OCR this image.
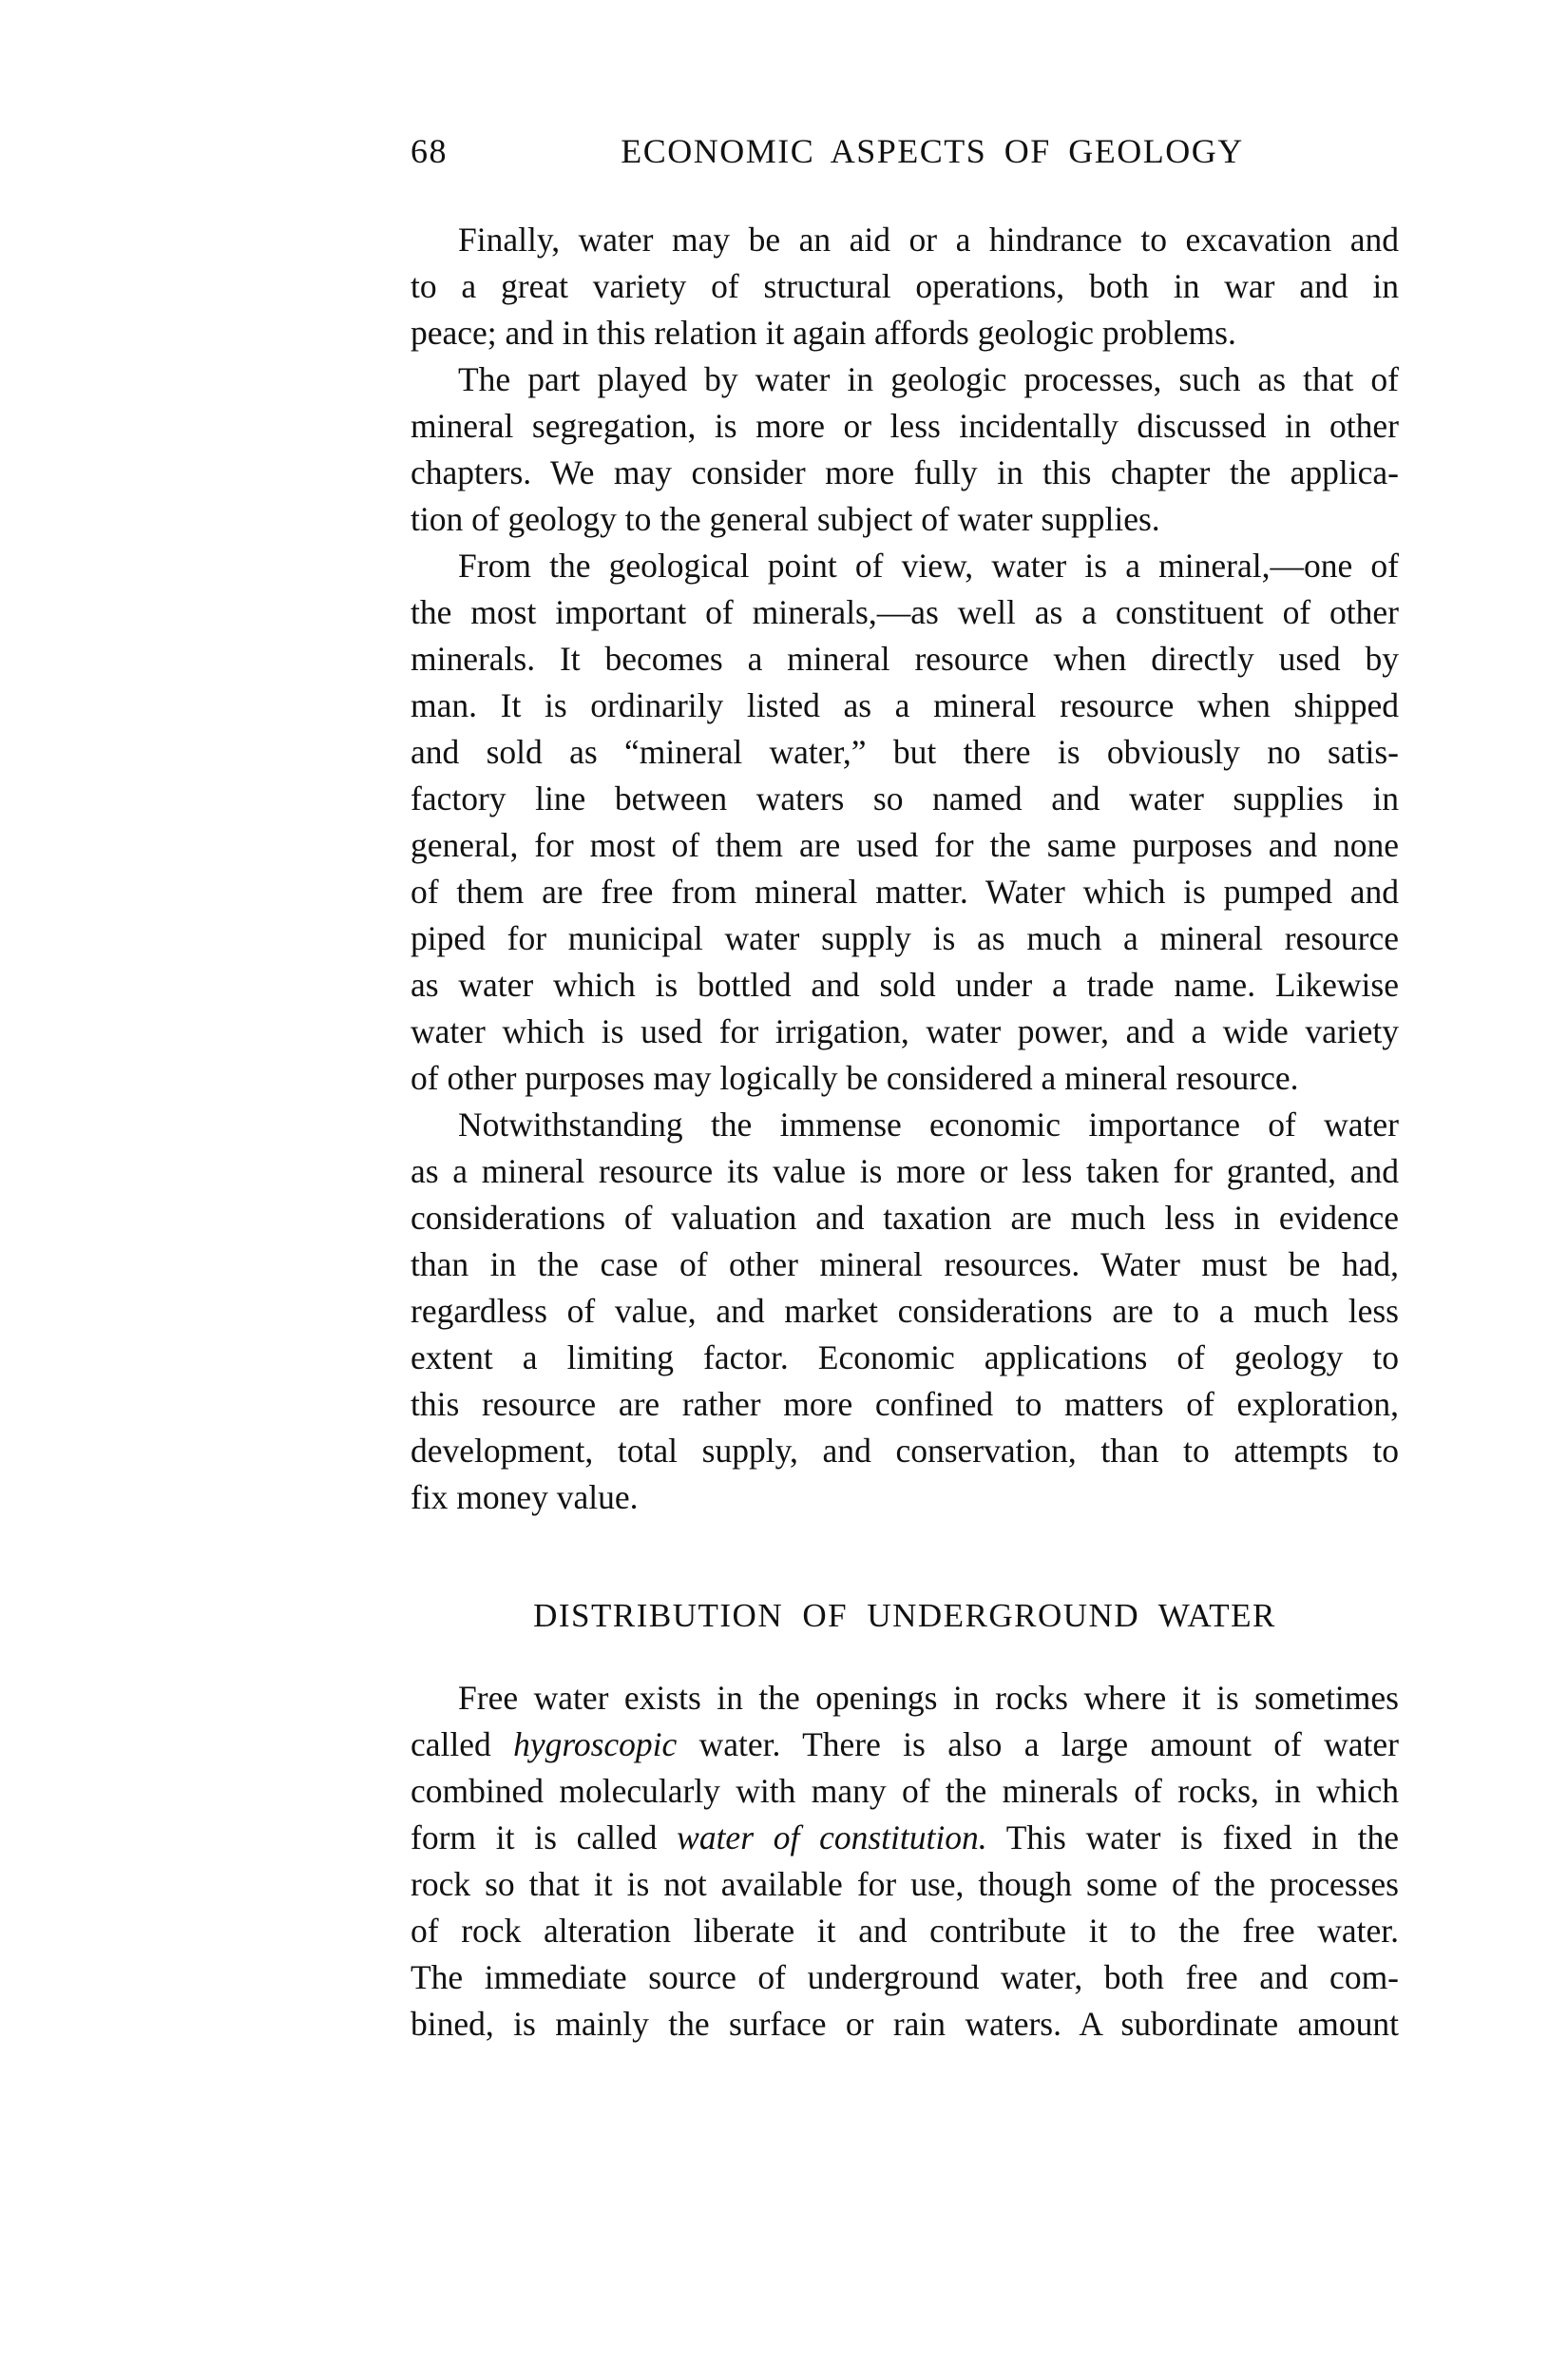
68	ECONOMIC ASPECTS OF GEOLOGY
Finally, water may be an aid or a hindrance to excavation and
to a great variety of structural operations, both in war and in
peace; and in this relation it again affords geologic problems.
The part played by water in geologic processes, such as that of
mineral segregation, is more or less incidentally discussed in other
chapters. We may consider more fully in this chapter the applica-
tion of geology to the general subject of water supplies.
From the geological point of view, water is a mineral,—one of
the most important of minerals,—as well as a constituent of other
minerals. It becomes a mineral resource when directly used by
man. It is ordinarily listed as a mineral resource when shipped
and sold as “mineral water,” but there is obviously no satis-
factory line between waters so named and water supplies in
general, for most of them are used for the same purposes and none
of them are free from mineral matter. Water which is pumped and
piped for municipal water supply is as much a mineral resource
as water which is bottled and sold under a trade name. Likewise
water which is used for irrigation, water power, and a wide variety
of other purposes may logically be considered a mineral resource.
Notwithstanding the immense economic importance of water
as a mineral resource its value is more or less taken for granted, and
considerations of valuation and taxation are much less in evidence
than in the case of other mineral resources. Water must be had,
regardless of value, and market considerations are to a much less
extent a limiting factor. Economic applications of geology to
this resource are rather more confined to matters of exploration,
development, total supply, and conservation, than to attempts to
fix money value.
DISTRIBUTION OF UNDERGROUND WATER
Free water exists in the openings in rocks where it is sometimes
called hygroscopic water. There is also a large amount of water
combined molecularly with many of the minerals of rocks, in which
form it is called water of constitution. This water is fixed in the
rock so that it is not available for use, though some of the processes
of rock alteration liberate it and contribute it to the free water.
The immediate source of underground water, both free and com-
bined, is mainly the surface or rain waters. A subordinate amount
